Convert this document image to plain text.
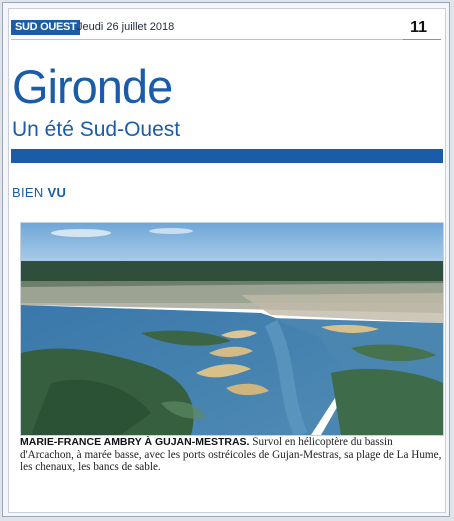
SUD OUEST Jeudi 26 juillet 2018	11
Gironde
Un été Sud-Ouest
BIEN VU
MARIE-FRANCE AMBRY À GUJAN-MESTRAS. Survol en hélicoptère du bassin d'Arcachon, à marée basse, avec les ports ostréicoles de Gujan-Mestras, sa plage de La Hume, les chenaux, les bancs de sable.
